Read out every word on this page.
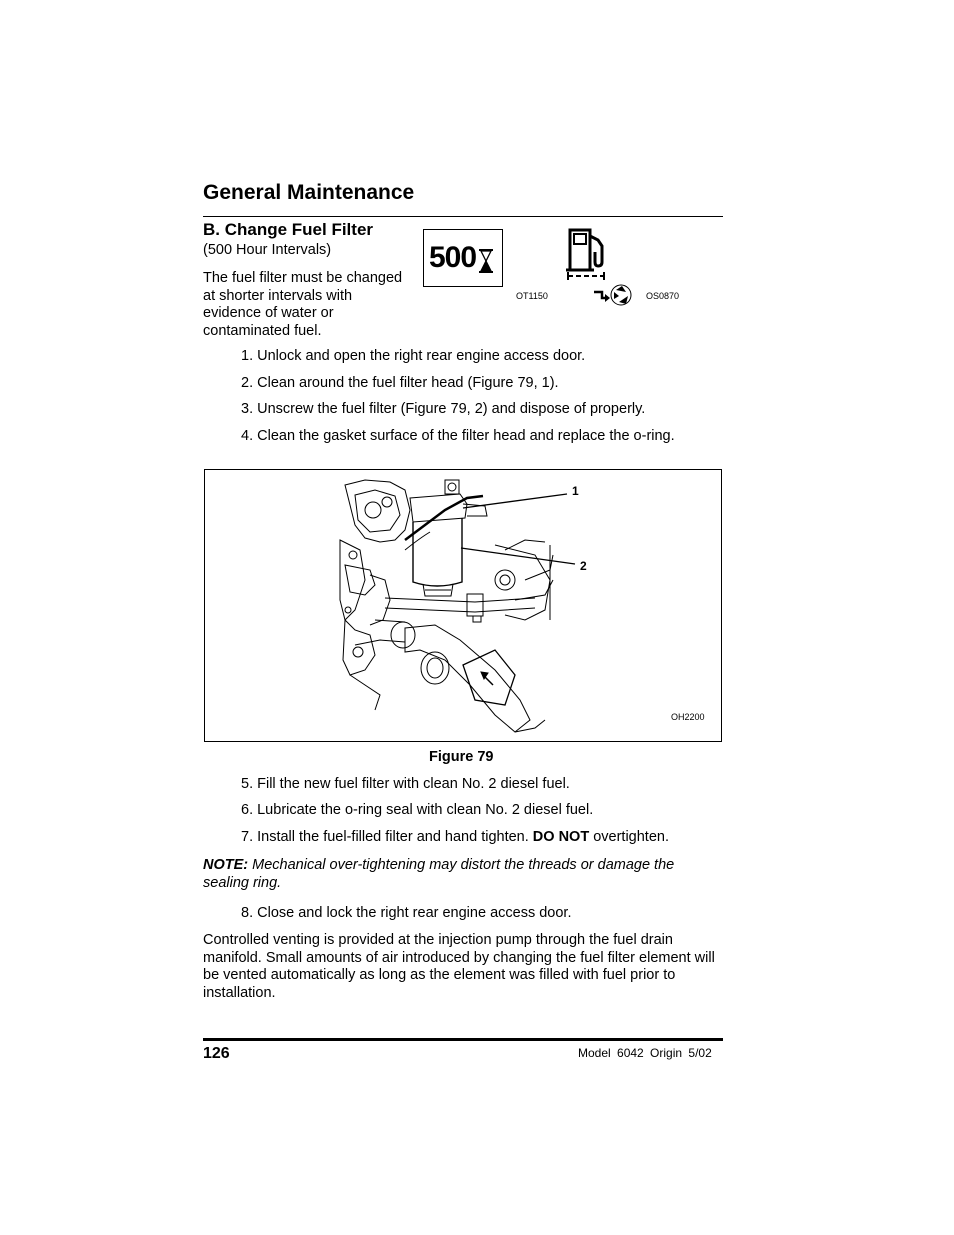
General Maintenance
B. Change Fuel Filter
(500 Hour Intervals)
The fuel filter must be changed at shorter intervals with evidence of water or contaminated fuel.
500
OT1150	OS0870
1. Unlock and open the right rear engine access door.
2. Clean around the fuel filter head (Figure 79, 1).
3. Unscrew the fuel filter (Figure 79, 2) and dispose of properly.
4. Clean the gasket surface of the filter head and replace the o-ring.
1
2
OH2200
Figure 79
5. Fill the new fuel filter with clean No. 2 diesel fuel.
6. Lubricate the o-ring seal with clean No. 2 diesel fuel.
7. Install the fuel-filled filter and hand tighten. DO NOT overtighten.
NOTE: Mechanical over-tightening may distort the threads or damage the sealing ring.
8. Close and lock the right rear engine access door.
Controlled venting is provided at the injection pump through the fuel drain manifold. Small amounts of air introduced by changing the fuel filter element will be vented automatically as long as the element was filled with fuel prior to installation.
126	Model 6042 Origin 5/02
